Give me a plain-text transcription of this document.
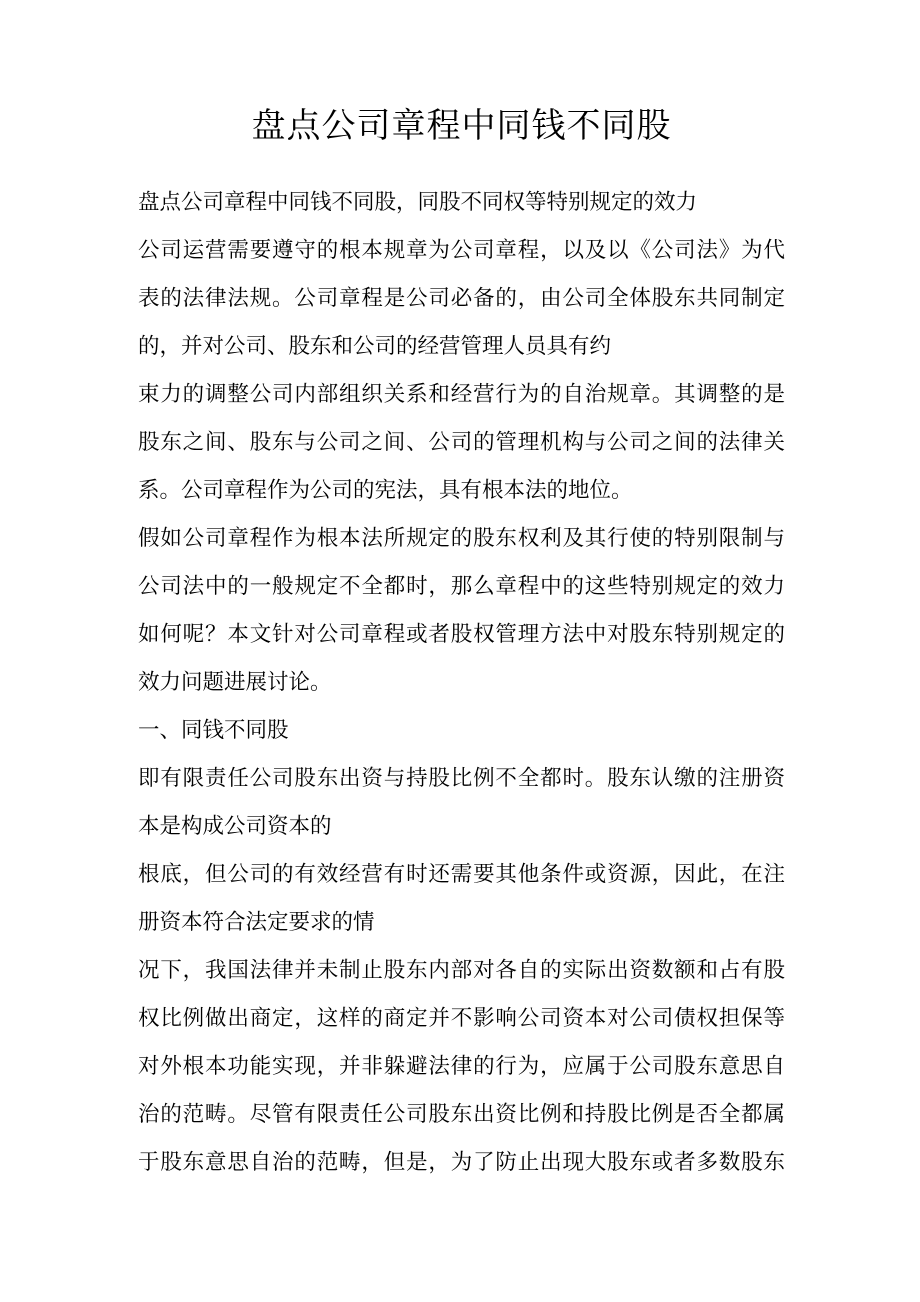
盘点公司章程中同钱不同股
盘点公司章程中同钱不同股，同股不同权等特别规定的效力
公司运营需要遵守的根本规章为公司章程，以及以《公司法》为代
表的法律法规。公司章程是公司必备的，由公司全体股东共同制定
的，并对公司、股东和公司的经营管理人员具有约
束力的调整公司内部组织关系和经营行为的自治规章。其调整的是
股东之间、股东与公司之间、公司的管理机构与公司之间的法律关
系。公司章程作为公司的宪法，具有根本法的地位。
假如公司章程作为根本法所规定的股东权利及其行使的特别限制与
公司法中的一般规定不全都时，那么章程中的这些特别规定的效力
如何呢？本文针对公司章程或者股权管理方法中对股东特别规定的
效力问题进展讨论。
一、同钱不同股
即有限责任公司股东出资与持股比例不全都时。股东认缴的注册资
本是构成公司资本的
根底，但公司的有效经营有时还需要其他条件或资源，因此，在注
册资本符合法定要求的情
况下，我国法律并未制止股东内部对各自的实际出资数额和占有股
权比例做出商定，这样的商定并不影响公司资本对公司债权担保等
对外根本功能实现，并非躲避法律的行为，应属于公司股东意思自
治的范畴。尽管有限责任公司股东出资比例和持股比例是否全都属
于股东意思自治的范畴，但是，为了防止出现大股东或者多数股东
